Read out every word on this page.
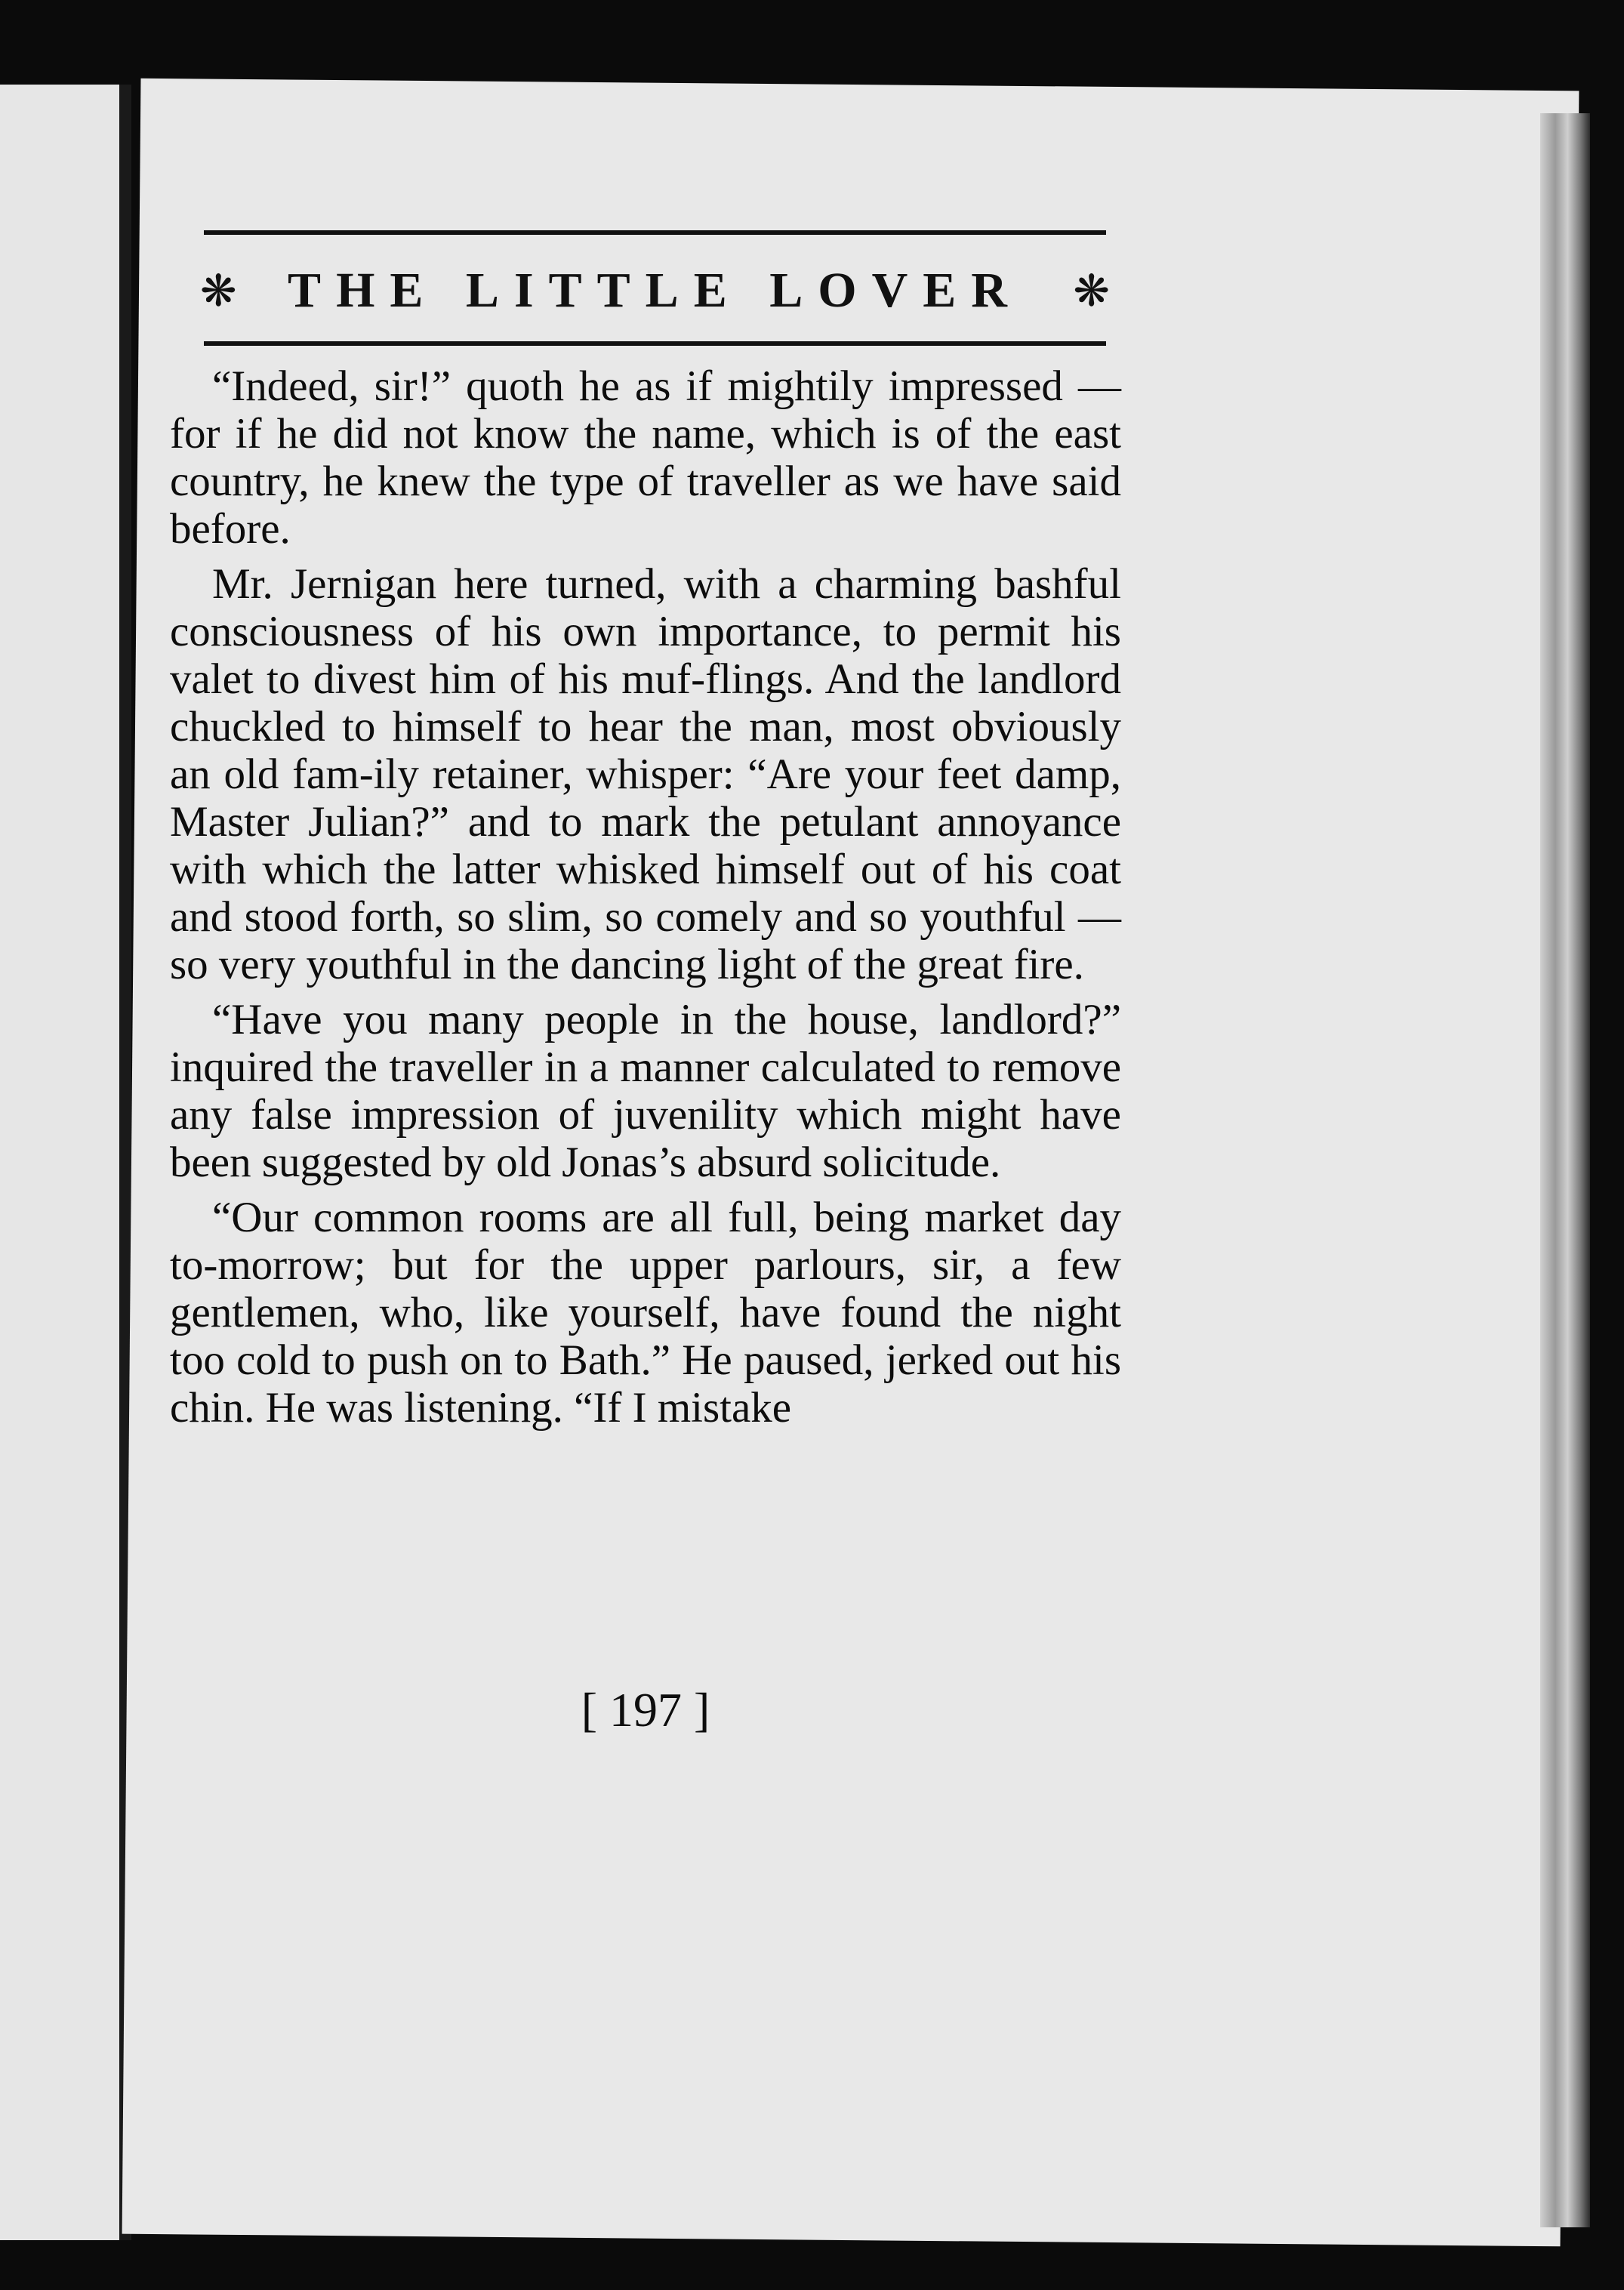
❋ THE LITTLE LOVER ❋

“Indeed, sir!” quoth he as if mightily impressed — for if he did not know the name, which is of the east country, he knew the type of traveller as we have said before.

Mr. Jernigan here turned, with a charming bashful consciousness of his own importance, to permit his valet to divest him of his muf-flings. And the landlord chuckled to himself to hear the man, most obviously an old fam-ily retainer, whisper: “Are your feet damp, Master Julian?” and to mark the petulant annoyance with which the latter whisked himself out of his coat and stood forth, so slim, so comely and so youthful — so very youthful in the dancing light of the great fire.

“Have you many people in the house, landlord?” inquired the traveller in a manner calculated to remove any false impression of juvenility which might have been suggested by old Jonas’s absurd solicitude.

“Our common rooms are all full, being market day to-morrow; but for the upper parlours, sir, a few gentlemen, who, like yourself, have found the night too cold to push on to Bath.” He paused, jerked out his chin. He was listening. “If I mistake

[ 197 ]
